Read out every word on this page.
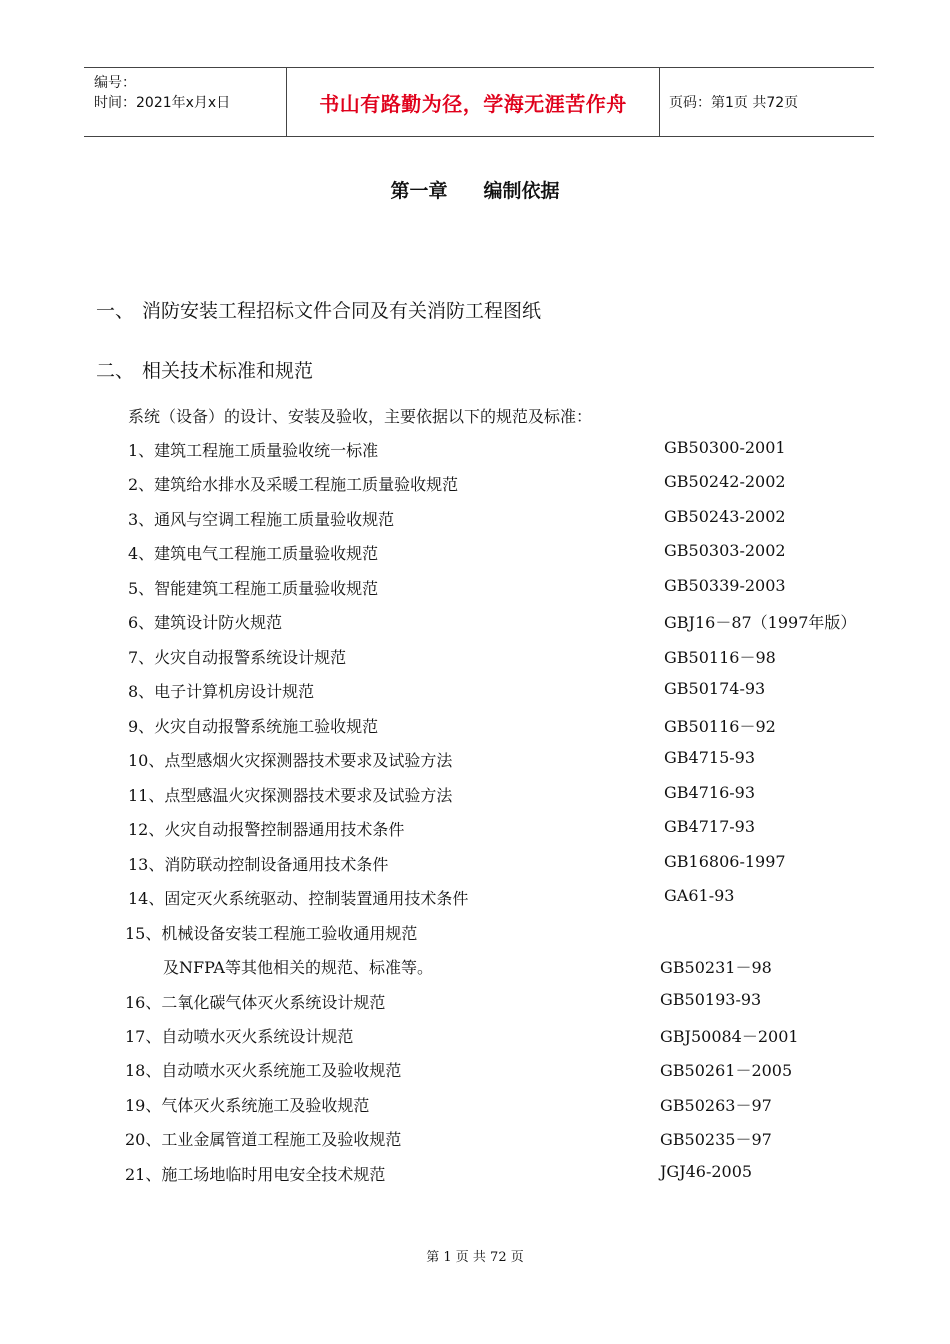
编号：
时间：2021年x月x日	书山有路勤为径，学海无涯苦作舟	页码：第1页 共72页
第一章 编制依据
一、 消防安装工程招标文件合同及有关消防工程图纸
二、 相关技术标准和规范
系统（设备）的设计、安装及验收，主要依据以下的规范及标准：
1、建筑工程施工质量验收统一标准	GB50300-2001
2、建筑给水排水及采暖工程施工质量验收规范	GB50242-2002
3、通风与空调工程施工质量验收规范	GB50243-2002
4、建筑电气工程施工质量验收规范	GB50303-2002
5、智能建筑工程施工质量验收规范	GB50339-2003
6、建筑设计防火规范	GBJ16－87（1997年版）
7、火灾自动报警系统设计规范	GB50116－98
8、电子计算机房设计规范	GB50174-93
9、火灾自动报警系统施工验收规范	GB50116－92
10、点型感烟火灾探测器技术要求及试验方法	GB4715-93
11、点型感温火灾探测器技术要求及试验方法	GB4716-93
12、火灾自动报警控制器通用技术条件	GB4717-93
13、消防联动控制设备通用技术条件	GB16806-1997
14、固定灭火系统驱动、控制装置通用技术条件	GA61-93
15、机械设备安装工程施工验收通用规范
及NFPA等其他相关的规范、标准等。	GB50231－98
16、二氧化碳气体灭火系统设计规范	GB50193-93
17、自动喷水灭火系统设计规范	GBJ50084－2001
18、自动喷水灭火系统施工及验收规范	GB50261－2005
19、气体灭火系统施工及验收规范	GB50263－97
20、工业金属管道工程施工及验收规范	GB50235－97
21、施工场地临时用电安全技术规范	JGJ46-2005
第 1 页 共 72 页
